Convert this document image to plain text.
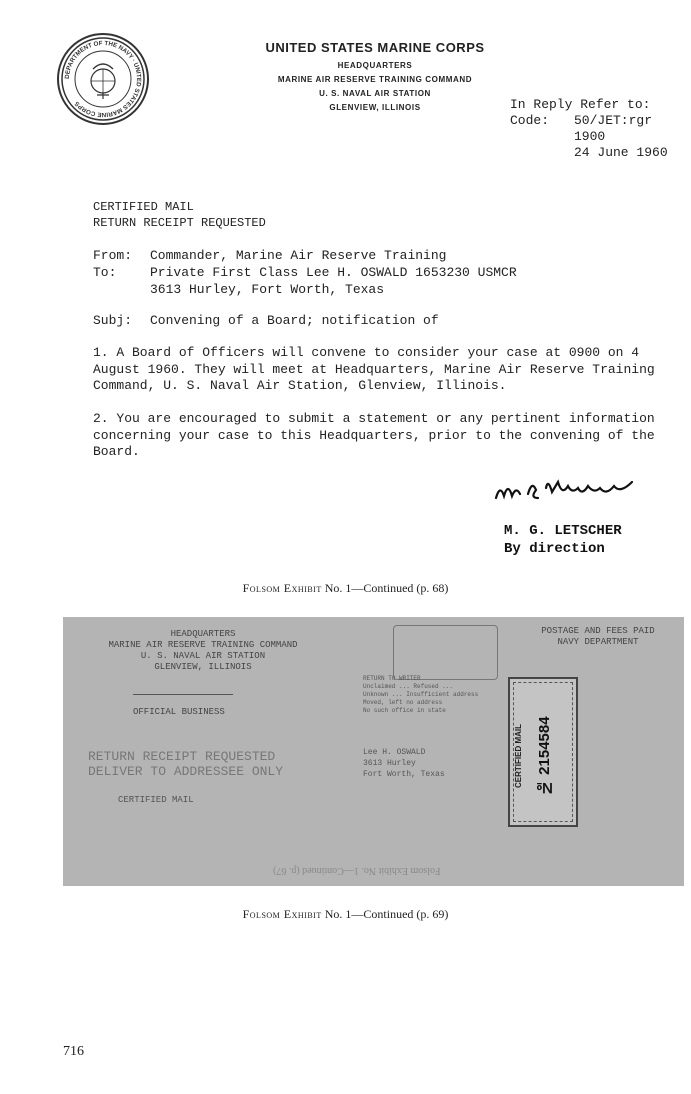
DEPARTMENT OF THE NAVY · UNITED STATES MARINE CORPS
UNITED STATES MARINE CORPS
HEADQUARTERS
MARINE AIR RESERVE TRAINING COMMAND
U. S. NAVAL AIR STATION
GLENVIEW, ILLINOIS	In Reply Refer to:
Code:	50/JET:rgr
1900
24 June 1960
CERTIFIED MAIL
RETURN RECEIPT REQUESTED
From:	Commander, Marine Air Reserve Training
To:	Private First Class Lee H. OSWALD 1653230 USMCR
3613 Hurley, Fort Worth, Texas
Subj:	Convening of a Board; notification of
1. A Board of Officers will convene to consider your case at 0900 on 4 August 1960. They will meet at Headquarters, Marine Air Reserve Training Command, U. S. Naval Air Station, Glenview, Illinois.
2. You are encouraged to submit a statement or any pertinent information concerning your case to this Headquarters, prior to the convening of the Board.
M. G. LETSCHER
By direction
Folsom Exhibit No. 1—Continued (p. 68)
HEADQUARTERS
MARINE AIR RESERVE TRAINING COMMAND
U. S. NAVAL AIR STATION
GLENVIEW, ILLINOIS
OFFICIAL BUSINESS
RETURN RECEIPT REQUESTED
DELIVER TO ADDRESSEE ONLY
CERTIFIED MAIL
RETURN TO WRITER
Unclaimed ... Refused ...
Unknown ... Insufficient address
Moved, left no address
No such office in state
Lee H. OSWALD
3613 Hurley
Fort Worth, Texas
POSTAGE AND FEES PAID
NAVY DEPARTMENT
CERTIFIED MAIL № 2154584
Folsom Exhibit No. 1—Continued (p. 67)
Folsom Exhibit No. 1—Continued (p. 69)
716
